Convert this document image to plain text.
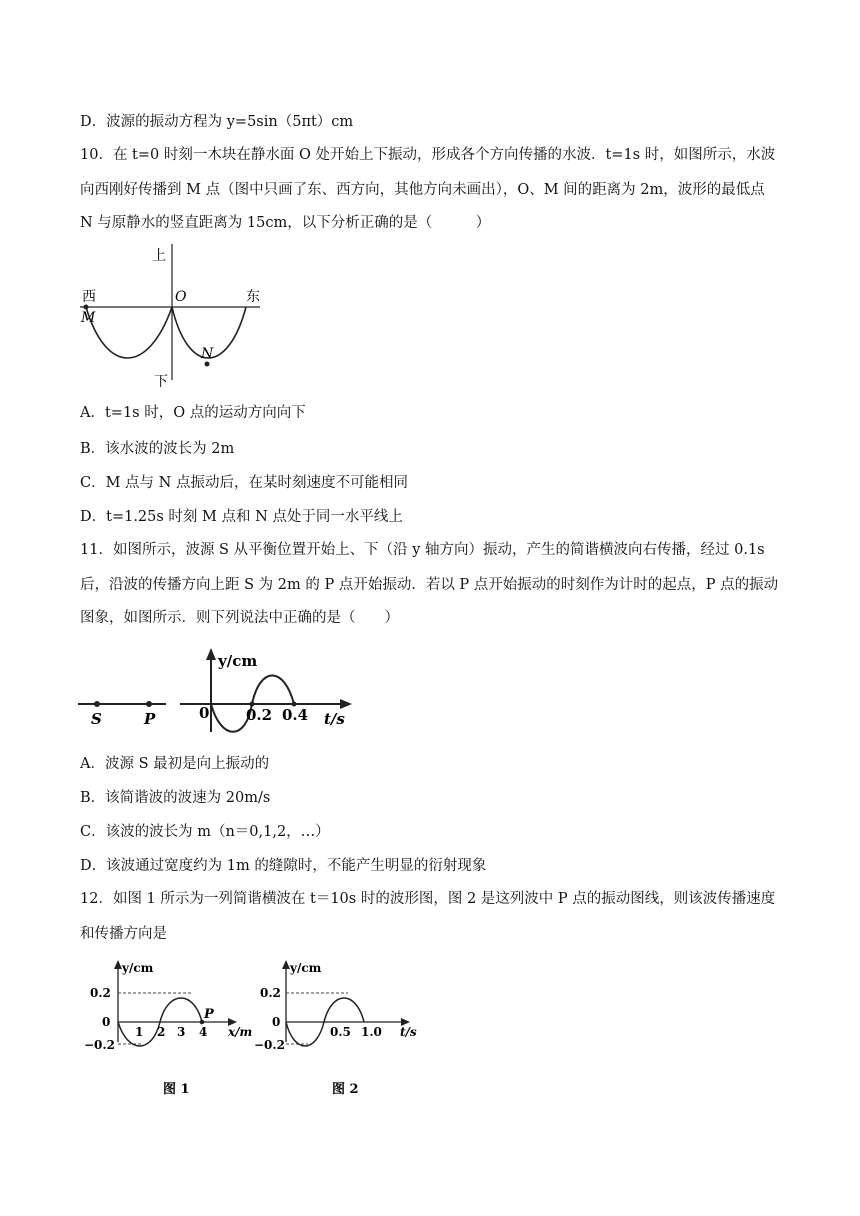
D．波源的振动方程为 y=5sin（5πt）cm
10．在 t=0 时刻一木块在静水面 O 处开始上下振动，形成各个方向传播的水波．t=1s 时，如图所示，水波
向西刚好传播到 M 点（图中只画了东、西方向，其他方向未画出），O、M 间的距离为 2m，波形的最低点
N 与原静水的竖直距离为 15cm，以下分析正确的是（　　　）
上
下
西	东
O
M
N
A．t=1s 时，O 点的运动方向向下
B．该水波的波长为 2m
C．M 点与 N 点振动后，在某时刻速度不可能相同
D．t=1.25s 时刻 M 点和 N 点处于同一水平线上
11．如图所示，波源 S 从平衡位置开始上、下（沿 y 轴方向）振动，产生的简谐横波向右传播，经过 0.1s
后，沿波的传播方向上距 S 为 2m 的 P 点开始振动．若以 P 点开始振动的时刻作为计时的起点，P 点的振动
图象，如图所示．则下列说法中正确的是（　　）
S	P
y/cm
0 0.2 0.4 t/s
A．波源 S 最初是向上振动的
B．该简谐波的波速为 20m/s
C．该波的波长为 m（n＝0,1,2，…）
D．该波通过宽度约为 1m 的缝隙时，不能产生明显的衍射现象
12．如图 1 所示为一列简谐横波在 t＝10s 时的波形图，图 2 是这列波中 P 点的振动图线，则该波传播速度
和传播方向是
y/cm
0.2
0
−0.2
1 2 3 4
P
x/m
图 1
y/cm
0.2
0
−0.2
0.5 1.0 t/s
图 2
